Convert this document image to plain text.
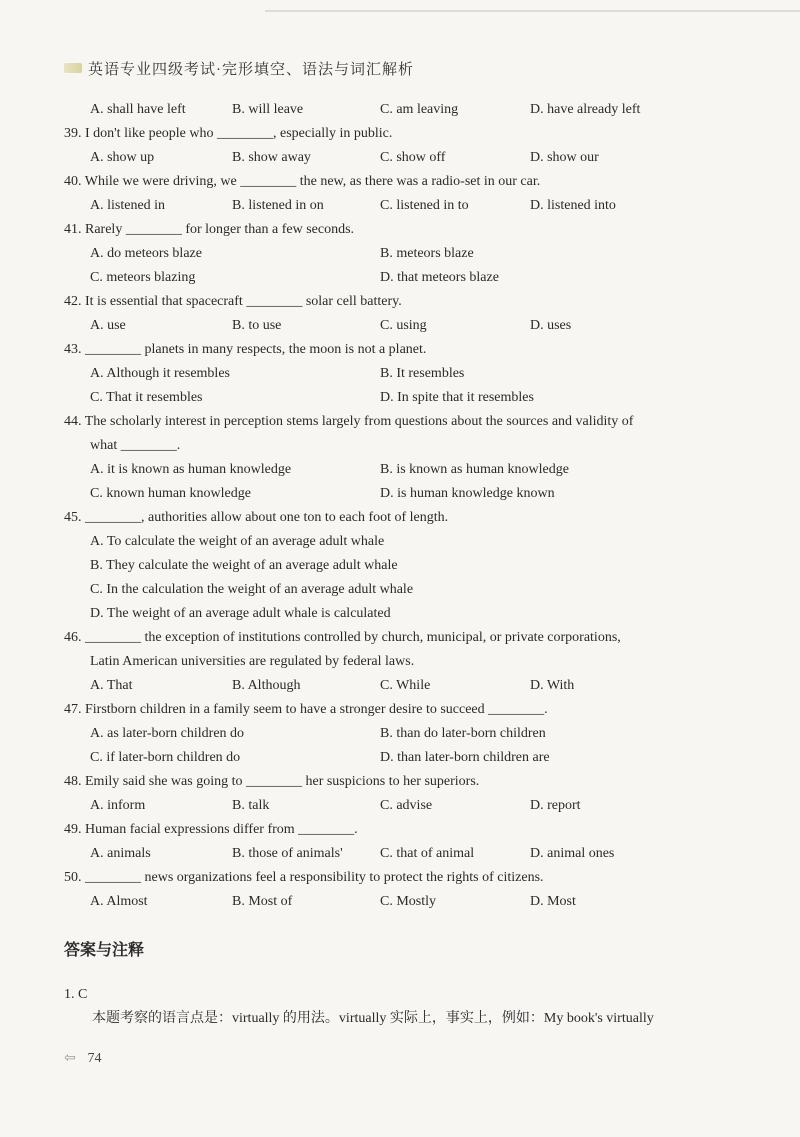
英语专业四级考试·完形填空、语法与词汇解析
A. shall have left	B. will leave	C. am leaving	D. have already left

39. I don't like people who ________, especially in public.

A. show up	B. show away	C. show off	D. show our

40. While we were driving, we ________ the new, as there was a radio-set in our car.

A. listened in	B. listened in on	C. listened in to	D. listened into

41. Rarely ________ for longer than a few seconds.

A. do meteors blaze	B. meteors blaze
C. meteors blazing	D. that meteors blaze

42. It is essential that spacecraft ________ solar cell battery.

A. use	B. to use	C. using	D. uses

43. ________ planets in many respects, the moon is not a planet.

A. Although it resembles	B. It resembles
C. That it resembles	D. In spite that it resembles

44. The scholarly interest in perception stems largely from questions about the sources and validity of

what ________.

A. it is known as human knowledge	B. is known as human knowledge
C. known human knowledge	D. is human knowledge known

45. ________, authorities allow about one ton to each foot of length.

A. To calculate the weight of an average adult whale
B. They calculate the weight of an average adult whale
C. In the calculation the weight of an average adult whale
D. The weight of an average adult whale is calculated

46. ________ the exception of institutions controlled by church, municipal, or private corporations,

Latin American universities are regulated by federal laws.

A. That	B. Although	C. While	D. With

47. Firstborn children in a family seem to have a stronger desire to succeed ________.

A. as later-born children do	B. than do later-born children
C. if later-born children do	D. than later-born children are

48. Emily said she was going to ________ her suspicions to her superiors.

A. inform	B. talk	C. advise	D. report

49. Human facial expressions differ from ________.

A. animals	B. those of animals'	C. that of animal	D. animal ones

50. ________ news organizations feel a responsibility to protect the rights of citizens.

A. Almost	B. Most of	C. Mostly	D. Most
答案与注释
1. C
本题考察的语言点是：virtually 的用法。virtually 实际上，事实上，例如：My book's virtually
⇦ 74
